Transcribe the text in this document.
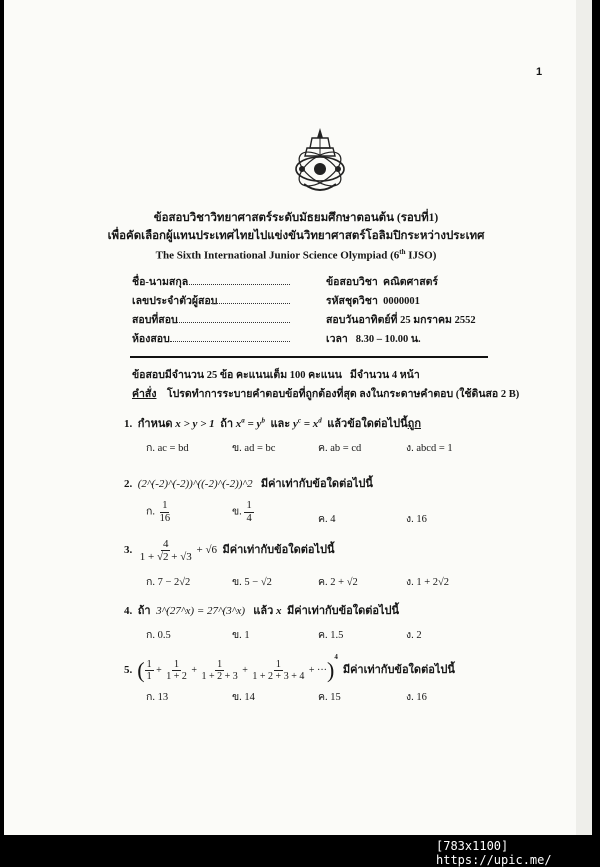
1
ข้อสอบวิชาวิทยาศาสตร์ระดับมัธยมศึกษาตอนต้น (รอบที่1)
เพื่อคัดเลือกผู้แทนประเทศไทยไปแข่งขันวิทยาศาสตร์โอลิมปิกระหว่างประเทศ
The Sixth International Junior Science Olympiad (6th IJSO)
ชื่อ-นามสกุล
เลขประจำตัวผู้สอบ
สอบที่สอบ
ห้องสอบ
ข้อสอบวิชา คณิตศาสตร์
รหัสชุดวิชา 0000001
สอบวันอาทิตย์ที่ 25 มกราคม 2552
เวลา 8.30 – 10.00 น.
ข้อสอบมีจำนวน 25 ข้อ คะแนนเต็ม 100 คะแนน มีจำนวน 4 หน้า
คำสั่ง โปรดทำการระบายคำตอบข้อที่ถูกต้องที่สุด ลงในกระดาษคำตอบ (ใช้ดินสอ 2 B)
1. กำหนด x > y > 1 ถ้า $x^a = y^b$ และ $y^c = x^d$ แล้วข้อใดต่อไปนี้ถูก
ก. ac = bd	ข. ad = bc	ค. ab = cd	ง. abcd = 1
2. (2^(-2)^(-2))^((-2)^(-2))^2 มีค่าเท่ากับข้อใดต่อไปนี้
ก. $\frac{1}{16}$	ข. $\frac{1}{4}$	ค. 4	ง. 16
3. $\frac{4}{1 + √2 + √3} + √6$ มีค่าเท่ากับข้อใดต่อไปนี้
ก. 7 − 2√2	ข. 5 − √2	ค. 2 + √2	ง. 1 + 2√2
4. ถ้า 3^(27^x) = 27^(3^x) แล้ว x มีค่าเท่ากับข้อใดต่อไปนี้
ก. 0.5	ข. 1	ค. 1.5	ง. 2
5. ( $\frac{1}{1} + \frac{1}{1 + 2} + \frac{1}{1 + 2 + 3} + \frac{1}{1 + 2 + 3 + 4} + \cdot\cdot\cdot)^4$  มีค่าเท่ากับข้อใดต่อไปนี้
ก. 13	ข. 14	ค. 15	ง. 16
[783x1100] https://upic.me/
